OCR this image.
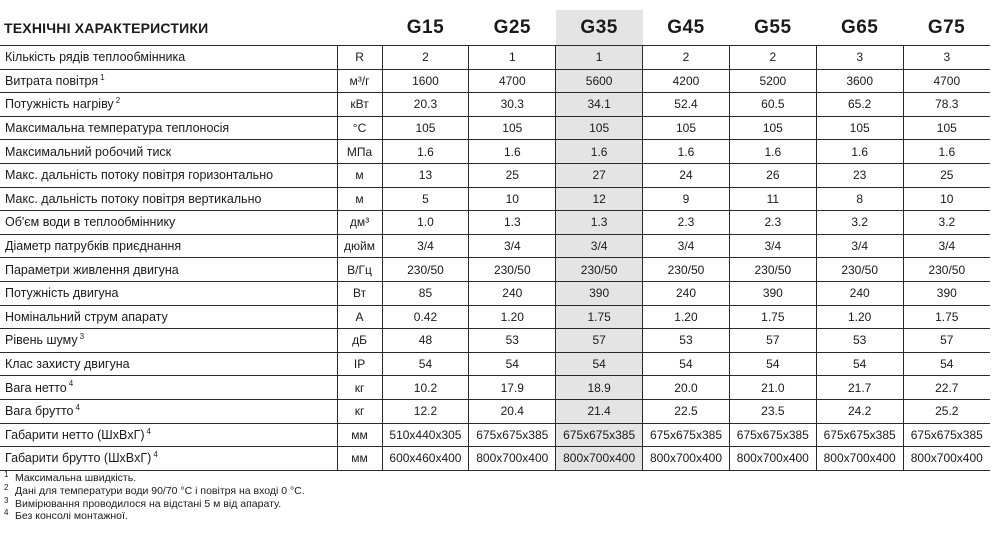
ТЕХНІЧНІ ХАРАКТЕРИСТИКИ		G15	G25	G35	G45	G55	G65	G75
Кількість рядів теплообмінника	R	2	1	1	2	2	3	3
Витрата повітря $^1$	м³/г	1600	4700	5600	4200	5200	3600	4700
Потужність нагріву $^2$	кВт	20.3	30.3	34.1	52.4	60.5	65.2	78.3
Максимальна температура теплоносія	°C	105	105	105	105	105	105	105
Максимальний робочий тиск	МПа	1.6	1.6	1.6	1.6	1.6	1.6	1.6
Макс. дальність потоку повітря горизонтально	м	13	25	27	24	26	23	25
Макс. дальність потоку повітря вертикально	м	5	10	12	9	11	8	10
Об'єм води в теплообміннику	дм³	1.0	1.3	1.3	2.3	2.3	3.2	3.2
Діаметр патрубків приєднання	дюйм	3/4	3/4	3/4	3/4	3/4	3/4	3/4
Параметри живлення двигуна	В/Гц	230/50	230/50	230/50	230/50	230/50	230/50	230/50
Потужність двигуна	Вт	85	240	390	240	390	240	390
Номінальний струм апарату	А	0.42	1.20	1.75	1.20	1.75	1.20	1.75
Рівень шуму $^3$	дБ	48	53	57	53	57	53	57
Клас захисту двигуна	IP	54	54	54	54	54	54	54
Вага нетто $^4$	кг	10.2	17.9	18.9	20.0	21.0	21.7	22.7
Вага брутто $^4$	кг	12.2	20.4	21.4	22.5	23.5	24.2	25.2
Габарити нетто (ШxВxГ) $^4$	мм	510x440x305	675x675x385	675x675x385	675x675x385	675x675x385	675x675x385	675x675x385
Габарити брутто (ШxВxГ) $^4$	мм	600x460x400	800x700x400	800x700x400	800x700x400	800x700x400	800x700x400	800x700x400
1 Максимальна швидкість.
2 Дані для температури води 90/70 °C і повітря на вході 0 °C.
3 Вимірювання проводилося на відстані 5 м від апарату.
4 Без консолі монтажної.
